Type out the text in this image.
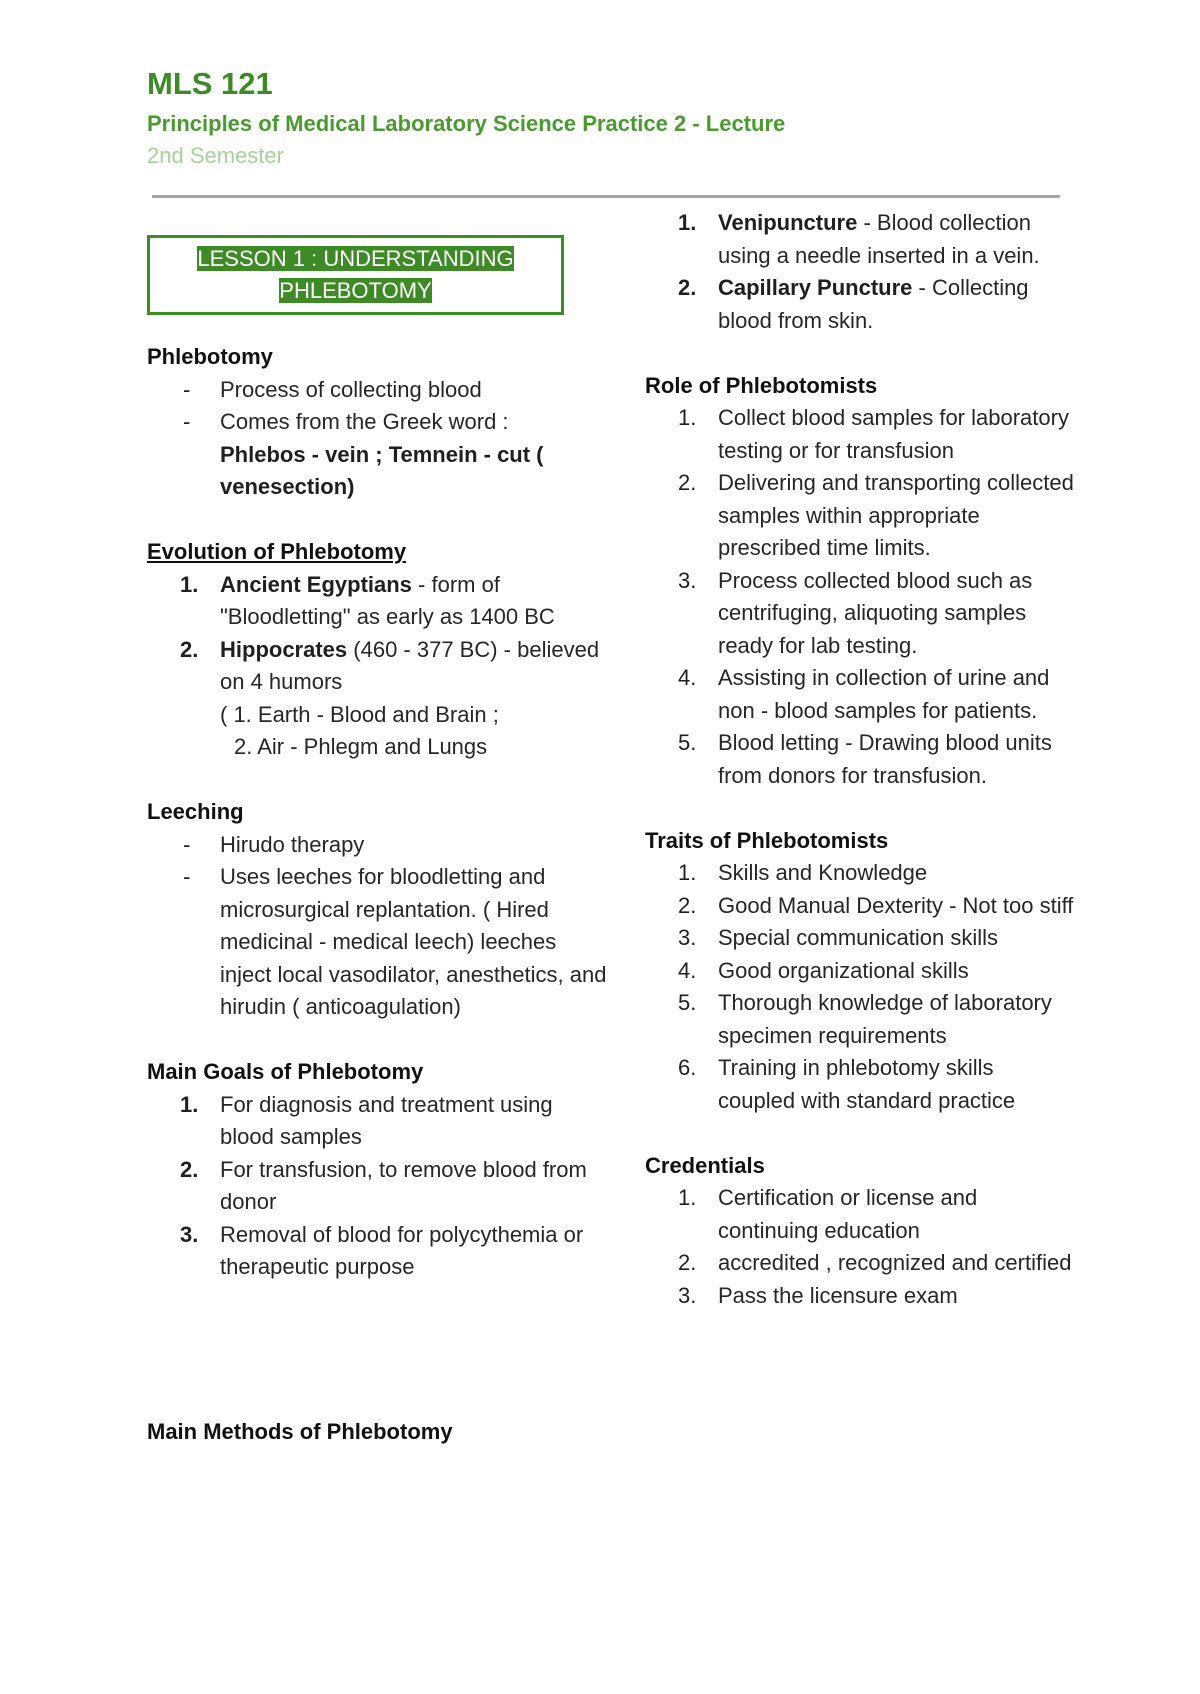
MLS 121
Principles of Medical Laboratory Science Practice 2 - Lecture
2nd Semester
LESSON 1 : UNDERSTANDING
PHLEBOTOMY

Phlebotomy

- Process of collecting blood
- Comes from the Greek word :
Phlebos - vein ; Temnein - cut ( venesection)

Evolution of Phlebotomy

1. Ancient Egyptians - form of "Bloodletting" as early as 1400 BC
2. Hippocrates (460 - 377 BC) - believed on 4 humors
( 1. Earth - Blood and Brain ;
2. Air - Phlegm and Lungs

Leeching

- Hirudo therapy
- Uses leeches for bloodletting and microsurgical replantation. ( Hired medicinal - medical leech) leeches inject local vasodilator, anesthetics, and hirudin ( anticoagulation)

Main Goals of Phlebotomy

1. For diagnosis and treatment using blood samples
2. For transfusion, to remove blood from donor
3. Removal of blood for polycythemia or therapeutic purpose

Main Methods of Phlebotomy

1. Venipuncture - Blood collection using a needle inserted in a vein.
2. Capillary Puncture - Collecting blood from skin.

Role of Phlebotomists

1. Collect blood samples for laboratory testing or for transfusion
2. Delivering and transporting collected samples within appropriate prescribed time limits.
3. Process collected blood such as centrifuging, aliquoting samples ready for lab testing.
4. Assisting in collection of urine and non - blood samples for patients.
5. Blood letting - Drawing blood units from donors for transfusion.

Traits of Phlebotomists

1. Skills and Knowledge
2. Good Manual Dexterity - Not too stiff
3. Special communication skills
4. Good organizational skills
5. Thorough knowledge of laboratory specimen requirements
6. Training in phlebotomy skills coupled with standard practice

Credentials

1. Certification or license and continuing education
2. accredited , recognized and certified
3. Pass the licensure exam
